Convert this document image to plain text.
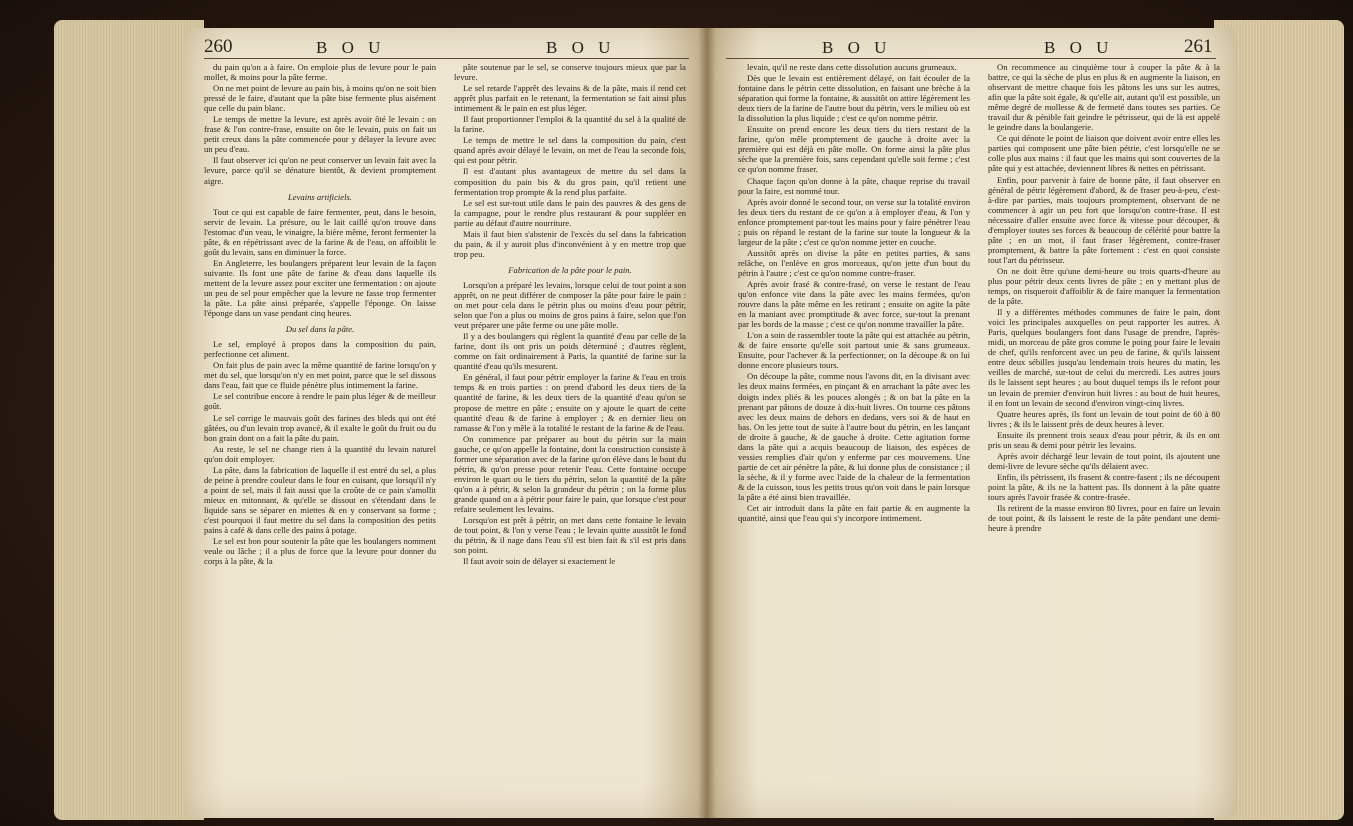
260	B O U	B O U

du pain qu'on a à faire. On emploie plus de levure pour le pain mollet, & moins pour la pâte ferme.

On ne met point de levure au pain bis, à moins qu'on ne soit bien pressé de le faire, d'autant que la pâte bise fermente plus aisément que celle du pain blanc.

Le temps de mettre la levure, est après avoir ôté le levain : on frase & l'on contre-frase, ensuite on ôte le levain, puis on fait un petit creux dans la pâte commencée pour y délayer la levure avec un peu d'eau.

Il faut observer ici qu'on ne peut conserver un levain fait avec la levure, parce qu'il se dénature bientôt, & devient promptement aigre.

Levains artificiels.

Tout ce qui est capable de faire fermenter, peut, dans le besoin, servir de levain. La présure, ou le lait caillé qu'on trouve dans l'estomac d'un veau, le vinaigre, la bière même, feront fermenter la pâte, & en répétrissant avec de la farine & de l'eau, on affoiblit le goût du levain, sans en diminuer la force.

En Angleterre, les boulangers préparent leur levain de la façon suivante. Ils font une pâte de farine & d'eau dans laquelle ils mettent de la levure assez pour exciter une fermentation : on ajoute un peu de sel pour empêcher que la levure ne fasse trop fermenter la pâte. La pâte ainsi préparée, s'appelle l'éponge. On laisse l'éponge dans un vase pendant cinq heures.

Du sel dans la pâte.

Le sel, employé à propos dans la composition du pain, perfectionne cet aliment.

On fait plus de pain avec la même quantité de farine lorsqu'on y met du sel, que lorsqu'on n'y en met point, parce que le sel dissous dans l'eau, fait que ce fluide pénètre plus intimement la farine.

Le sel contribue encore à rendre le pain plus léger & de meilleur goût.

Le sel corrige le mauvais goût des farines des bleds qui ont été gâtées, ou d'un levain trop avancé, & il exalte le goût du fruit ou du bon grain dont on a fait la pâte du pain.

Au reste, le sel ne change rien à la quantité du levain naturel qu'on doit employer.

La pâte, dans la fabrication de laquelle il est entré du sel, a plus de peine à prendre couleur dans le four en cuisant, que lorsqu'il n'y a point de sel, mais il fait aussi que la croûte de ce pain s'amollit mieux en mitonnant, & qu'elle se dissout en s'étendant dans le liquide sans se séparer en miettes & en y conservant sa forme ; c'est pourquoi il faut mettre du sel dans la composition des petits pains à café & dans celle des pains à potage.

Le sel est bon pour soutenir la pâte que les boulangers nomment veule ou lâche ; il a plus de force que la levure pour donner du corps à la pâte, & la

pâte soutenue par le sel, se conserve toujours mieux que par la levure.

Le sel retarde l'apprêt des levains & de la pâte, mais il rend cet apprêt plus parfait en le retenant, la fermentation se fait ainsi plus intimement & le pain en est plus léger.

Il faut proportionner l'emploi & la quantité du sel à la qualité de la farine.

Le temps de mettre le sel dans la composition du pain, c'est quand après avoir délayé le levain, on met de l'eau la seconde fois, qui est pour pétrir.

Il est d'autant plus avantageux de mettre du sel dans la composition du pain bis & du gros pain, qu'il retient une fermentation trop prompte & la rend plus parfaite.

Le sel est sur-tout utile dans le pain des pauvres & des gens de la campagne, pour le rendre plus restaurant & pour suppléer en partie au défaut d'autre nourriture.

Mais il faut bien s'abstenir de l'excès du sel dans la fabrication du pain, & il y auroit plus d'inconvénient à y en mettre trop que trop peu.

Fabrication de la pâte pour le pain.

Lorsqu'on a préparé les levains, lorsque celui de tout point a son apprêt, on ne peut différer de composer la pâte pour faire le pain : on met pour cela dans le pétrin plus ou moins d'eau pour pétrir, selon que l'on a plus ou moins de gros pains à faire, selon que l'on veut préparer une pâte ferme ou une pâte molle.

Il y a des boulangers qui règlent la quantité d'eau par celle de la farine, dont ils ont pris un poids déterminé ; d'autres règlent, comme on fait ordinairement à Paris, la quantité de farine sur la quantité d'eau qu'ils mesurent.

En général, il faut pour pétrir employer la farine & l'eau en trois temps & en trois parties : on prend d'abord les deux tiers de la quantité de farine, & les deux tiers de la quantité d'eau qu'on se propose de mettre en pâte ; ensuite on y ajoute le quart de cette quantité d'eau & de farine à employer ; & en dernier lieu on ramasse & l'on y mêle à la totalité le restant de la farine & de l'eau.

On commence par préparer au bout du pétrin sur la main gauche, ce qu'on appelle la fontaine, dont la construction consiste à former une séparation avec de la farine qu'on élève dans le bout du pétrin, & qu'on presse pour retenir l'eau. Cette fontaine occupe environ le quart ou le tiers du pétrin, selon la quantité de la pâte qu'on a à pétrir, & selon la grandeur du pétrin ; on la forme plus grande quand on a à pétrir pour faire le pain, que lorsque c'est pour refaire seulement les levains.

Lorsqu'on est prêt à pétrir, on met dans cette fontaine le levain de tout point, & l'on y verse l'eau ; le levain quitte aussitôt le fond du pétrin, & il nage dans l'eau s'il est bien fait & s'il est pris dans son point.

Il faut avoir soin de délayer si exactement le

B O U	B O U	261

levain, qu'il ne reste dans cette dissolution aucuns grumeaux.

Dès que le levain est entièrement délayé, on fait écouler de la fontaine dans le pétrin cette dissolution, en faisant une brèche à la séparation qui forme la fontaine, & aussitôt on attire légèrement les deux tiers de la farine de l'autre bout du pétrin, vers le milieu où est la dissolution la plus liquide ; c'est ce qu'on nomme pétrir.

Ensuite on prend encore les deux tiers du tiers restant de la farine, qu'on mêle promptement de gauche à droite avec la première qui est déjà en pâte molle. On forme ainsi la pâte plus sèche que la première fois, sans cependant qu'elle soit ferme ; c'est ce qu'on nomme fraser.

Chaque façon qu'on donne à la pâte, chaque reprise du travail pour la faire, est nommé tour.

Après avoir donné le second tour, on verse sur la totalité environ les deux tiers du restant de ce qu'on a à employer d'eau, & l'on y enfonce promptement par-tout les mains pour y faire pénétrer l'eau ; puis on répand le restant de la farine sur toute la longueur & la largeur de la pâte ; c'est ce qu'on nomme jetter en couche.

Aussitôt après on divise la pâte en petites parties, & sans relâche, on l'enlève en gros morceaux, qu'on jette d'un bout du pétrin à l'autre ; c'est ce qu'on nomme contre-fraser.

Après avoir frasé & contre-frasé, on verse le restant de l'eau qu'on enfonce vite dans la pâte avec les mains fermées, qu'on rouvre dans la pâte même en les retirant ; ensuite on agite la pâte en la maniant avec promptitude & avec force, sur-tout la prenant par les bords de la masse ; c'est ce qu'on nomme travailler la pâte.

L'on a soin de rassembler toute la pâte qui est attachée au pétrin, & de faire ensorte qu'elle soit partout unie & sans grumeaux. Ensuite, pour l'achever & la perfectionner, on la découpe & on lui donne encore plusieurs tours.

On découpe la pâte, comme nous l'avons dit, en la divisant avec les deux mains fermées, en pinçant & en arrachant la pâte avec les doigts index pliés & les pouces alongés ; & on bat la pâte en la prenant par pâtons de douze à dix-huit livres. On tourne ces pâtons avec les deux mains de dehors en dedans, vers soi & de haut en bas. On les jette tout de suite à l'autre bout du pétrin, en les lançant de droite à gauche, & de gauche à droite. Cette agitation forme dans la pâte qui a acquis beaucoup de liaison, des espèces de vessies remplies d'air qu'on y enferme par ces mouvemens. Une partie de cet air pénètre la pâte, & lui donne plus de consistance ; il la sèche, & il y forme avec l'aide de la chaleur de la fermentation & de la cuisson, tous les petits trous qu'on voit dans le pain lorsque la pâte a été ainsi bien travaillée.

Cet air introduit dans la pâte en fait partie & en augmente la quantité, ainsi que l'eau qui s'y incorpore intimement.

On recommence au cinquième tour à couper la pâte & à la battre, ce qui la sèche de plus en plus & en augmente la liaison, en observant de mettre chaque fois les pâtons les uns sur les autres, afin que la pâte soit égale, & qu'elle ait, autant qu'il est possible, un même degré de mollesse & de fermeté dans toutes ses parties. Ce travail dur & pénible fait geindre le pétrisseur, qui de là est appelé le geindre dans la boulangerie.

Ce qui dénote le point de liaison que doivent avoir entre elles les parties qui composent une pâte bien pétrie, c'est lorsqu'elle ne se colle plus aux mains : il faut que les mains qui sont couvertes de la pâte qui y est attachée, deviennent libres & nettes en pétrissant.

Enfin, pour parvenir à faire de bonne pâte, il faut observer en général de pétrir légèrement d'abord, & de fraser peu-à-peu, c'est-à-dire par parties, mais toujours promptement, observant de ne commencer à agir un peu fort que lorsqu'on contre-frase. Il est nécessaire d'aller ensuite avec force & vitesse pour découper, & d'employer toutes ses forces & beaucoup de célérité pour battre la pâte ; en un mot, il faut fraser légèrement, contre-fraser promptement, & battre la pâte fortement : c'est en quoi consiste tout l'art du pétrisseur.

On ne doit être qu'une demi-heure ou trois quarts-d'heure au plus pour pétrir deux cents livres de pâte ; en y mettant plus de temps, on risqueroit d'affoiblir & de faire manquer la fermentation de la pâte.

Il y a différentes méthodes communes de faire le pain, dont voici les principales auxquelles on peut rapporter les autres. A Paris, quelques boulangers font dans l'usage de prendre, l'après-midi, un morceau de pâte gros comme le poing pour faire le levain de chef, qu'ils renforcent avec un peu de farine, & qu'ils laissent entre deux sébilles jusqu'au lendemain trois heures du matin, les veilles de marché, sur-tout de celui du mercredi. Les autres jours ils le laissent sept heures ; au bout duquel temps ils le refont pour un levain de premier d'environ huit livres : au bout de huit heures, il en font un levain de second d'environ vingt-cinq livres.

Quatre heures après, ils font un levain de tout point de 60 à 80 livres ; & ils le laissent près de deux heures à lever.

Ensuite ils prennent trois seaux d'eau pour pétrir, & ils en ont pris un seau & demi pour pétrir les levains.

Après avoir déchargé leur levain de tout point, ils ajoutent une demi-livre de levure sèche qu'ils délaient avec.

Enfin, ils pétrissent, ils frasent & contre-fasent ; ils ne découpent point la pâte, & ils ne la battent pas. Ils donnent à la pâte quatre tours après l'avoir frasée & contre-frasée.

Ils retirent de la masse environ 80 livres, pour en faire un levain de tout point, & ils laissent le reste de la pâte pendant une demi-heure à prendre
